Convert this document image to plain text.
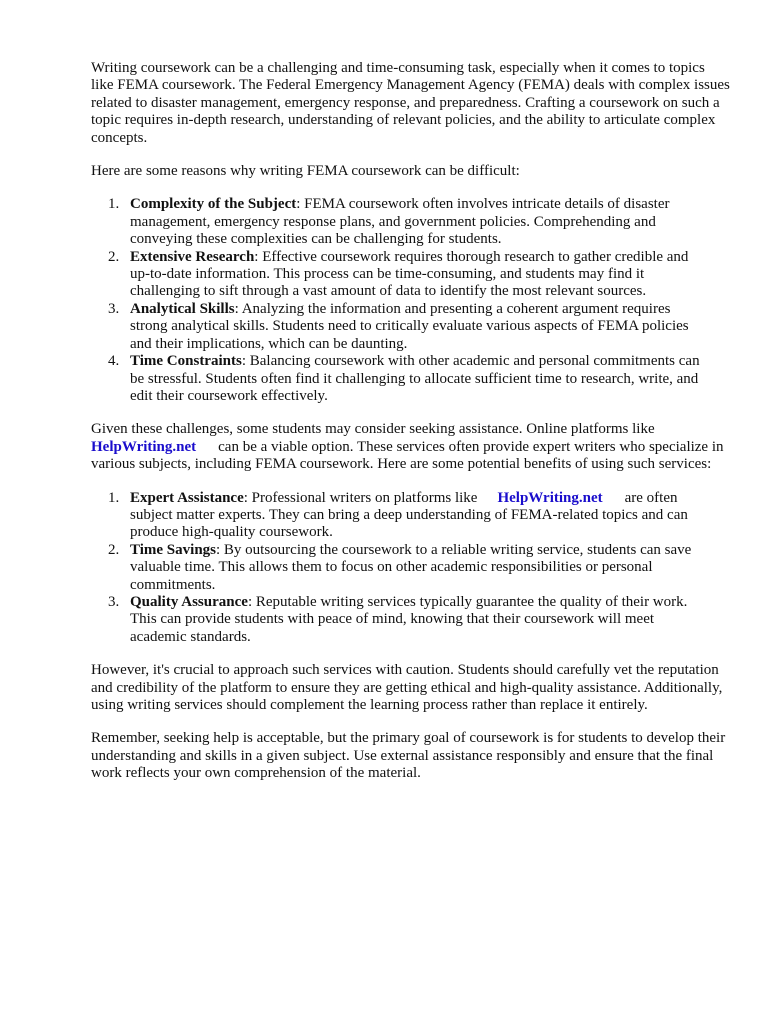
Writing coursework can be a challenging and time-consuming task, especially when it comes to topics like FEMA coursework. The Federal Emergency Management Agency (FEMA) deals with complex issues related to disaster management, emergency response, and preparedness. Crafting a coursework on such a topic requires in-depth research, understanding of relevant policies, and the ability to articulate complex concepts.

Here are some reasons why writing FEMA coursework can be difficult:

1. Complexity of the Subject: FEMA coursework often involves intricate details of disaster management, emergency response plans, and government policies. Comprehending and conveying these complexities can be challenging for students.
2. Extensive Research: Effective coursework requires thorough research to gather credible and up-to-date information. This process can be time-consuming, and students may find it challenging to sift through a vast amount of data to identify the most relevant sources.
3. Analytical Skills: Analyzing the information and presenting a coherent argument requires strong analytical skills. Students need to critically evaluate various aspects of FEMA policies and their implications, which can be daunting.
4. Time Constraints: Balancing coursework with other academic and personal commitments can be stressful. Students often find it challenging to allocate sufficient time to research, write, and edit their coursework effectively.

Given these challenges, some students may consider seeking assistance. Online platforms like HelpWriting.net can be a viable option. These services often provide expert writers who specialize in various subjects, including FEMA coursework. Here are some potential benefits of using such services:

1. Expert Assistance: Professional writers on platforms like HelpWriting.net are often subject matter experts. They can bring a deep understanding of FEMA-related topics and can produce high-quality coursework.
2. Time Savings: By outsourcing the coursework to a reliable writing service, students can save valuable time. This allows them to focus on other academic responsibilities or personal commitments.
3. Quality Assurance: Reputable writing services typically guarantee the quality of their work. This can provide students with peace of mind, knowing that their coursework will meet academic standards.

However, it's crucial to approach such services with caution. Students should carefully vet the reputation and credibility of the platform to ensure they are getting ethical and high-quality assistance. Additionally, using writing services should complement the learning process rather than replace it entirely.

Remember, seeking help is acceptable, but the primary goal of coursework is for students to develop their understanding and skills in a given subject. Use external assistance responsibly and ensure that the final work reflects your own comprehension of the material.
